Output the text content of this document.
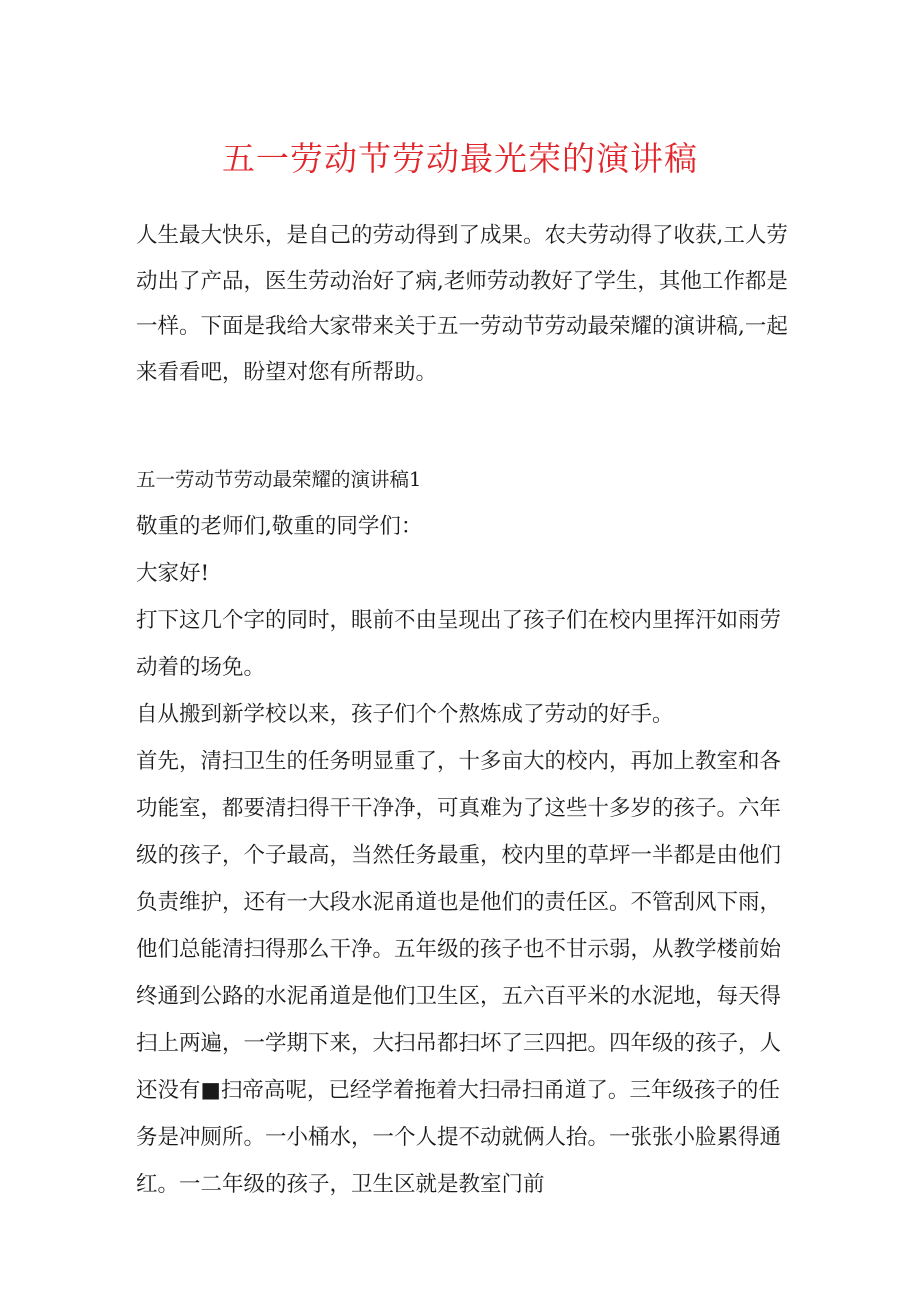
五一劳动节劳动最光荣的演讲稿

人生最大快乐，是自己的劳动得到了成果。农夫劳动得了收获,工人劳动出了产品，医生劳动治好了病,老师劳动教好了学生，其他工作都是一样。下面是我给大家带来关于五一劳动节劳动最荣耀的演讲稿,一起来看看吧，盼望对您有所帮助。

五一劳动节劳动最荣耀的演讲稿1

敬重的老师们,敬重的同学们：

大家好!

打下这几个字的同时，眼前不由呈现出了孩子们在校内里挥汗如雨劳动着的场免。

自从搬到新学校以来，孩子们个个熬炼成了劳动的好手。

首先，清扫卫生的任务明显重了，十多亩大的校内，再加上教室和各功能室，都要清扫得干干净净，可真难为了这些十多岁的孩子。六年级的孩子，个子最高，当然任务最重，校内里的草坪一半都是由他们负责维护，还有一大段水泥甬道也是他们的责任区。不管刮风下雨，他们总能清扫得那么干净。五年级的孩子也不甘示弱，从教学楼前始终通到公路的水泥甬道是他们卫生区，五六百平米的水泥地，每天得扫上两遍，一学期下来，大扫吊都扫坏了三四把。四年级的孩子，人还没有■扫帝高呢，已经学着拖着大扫帚扫甬道了。三年级孩子的任务是冲厕所。一小桶水，一个人提不动就俩人抬。一张张小脸累得通红。一二年级的孩子，卫生区就是教室门前
